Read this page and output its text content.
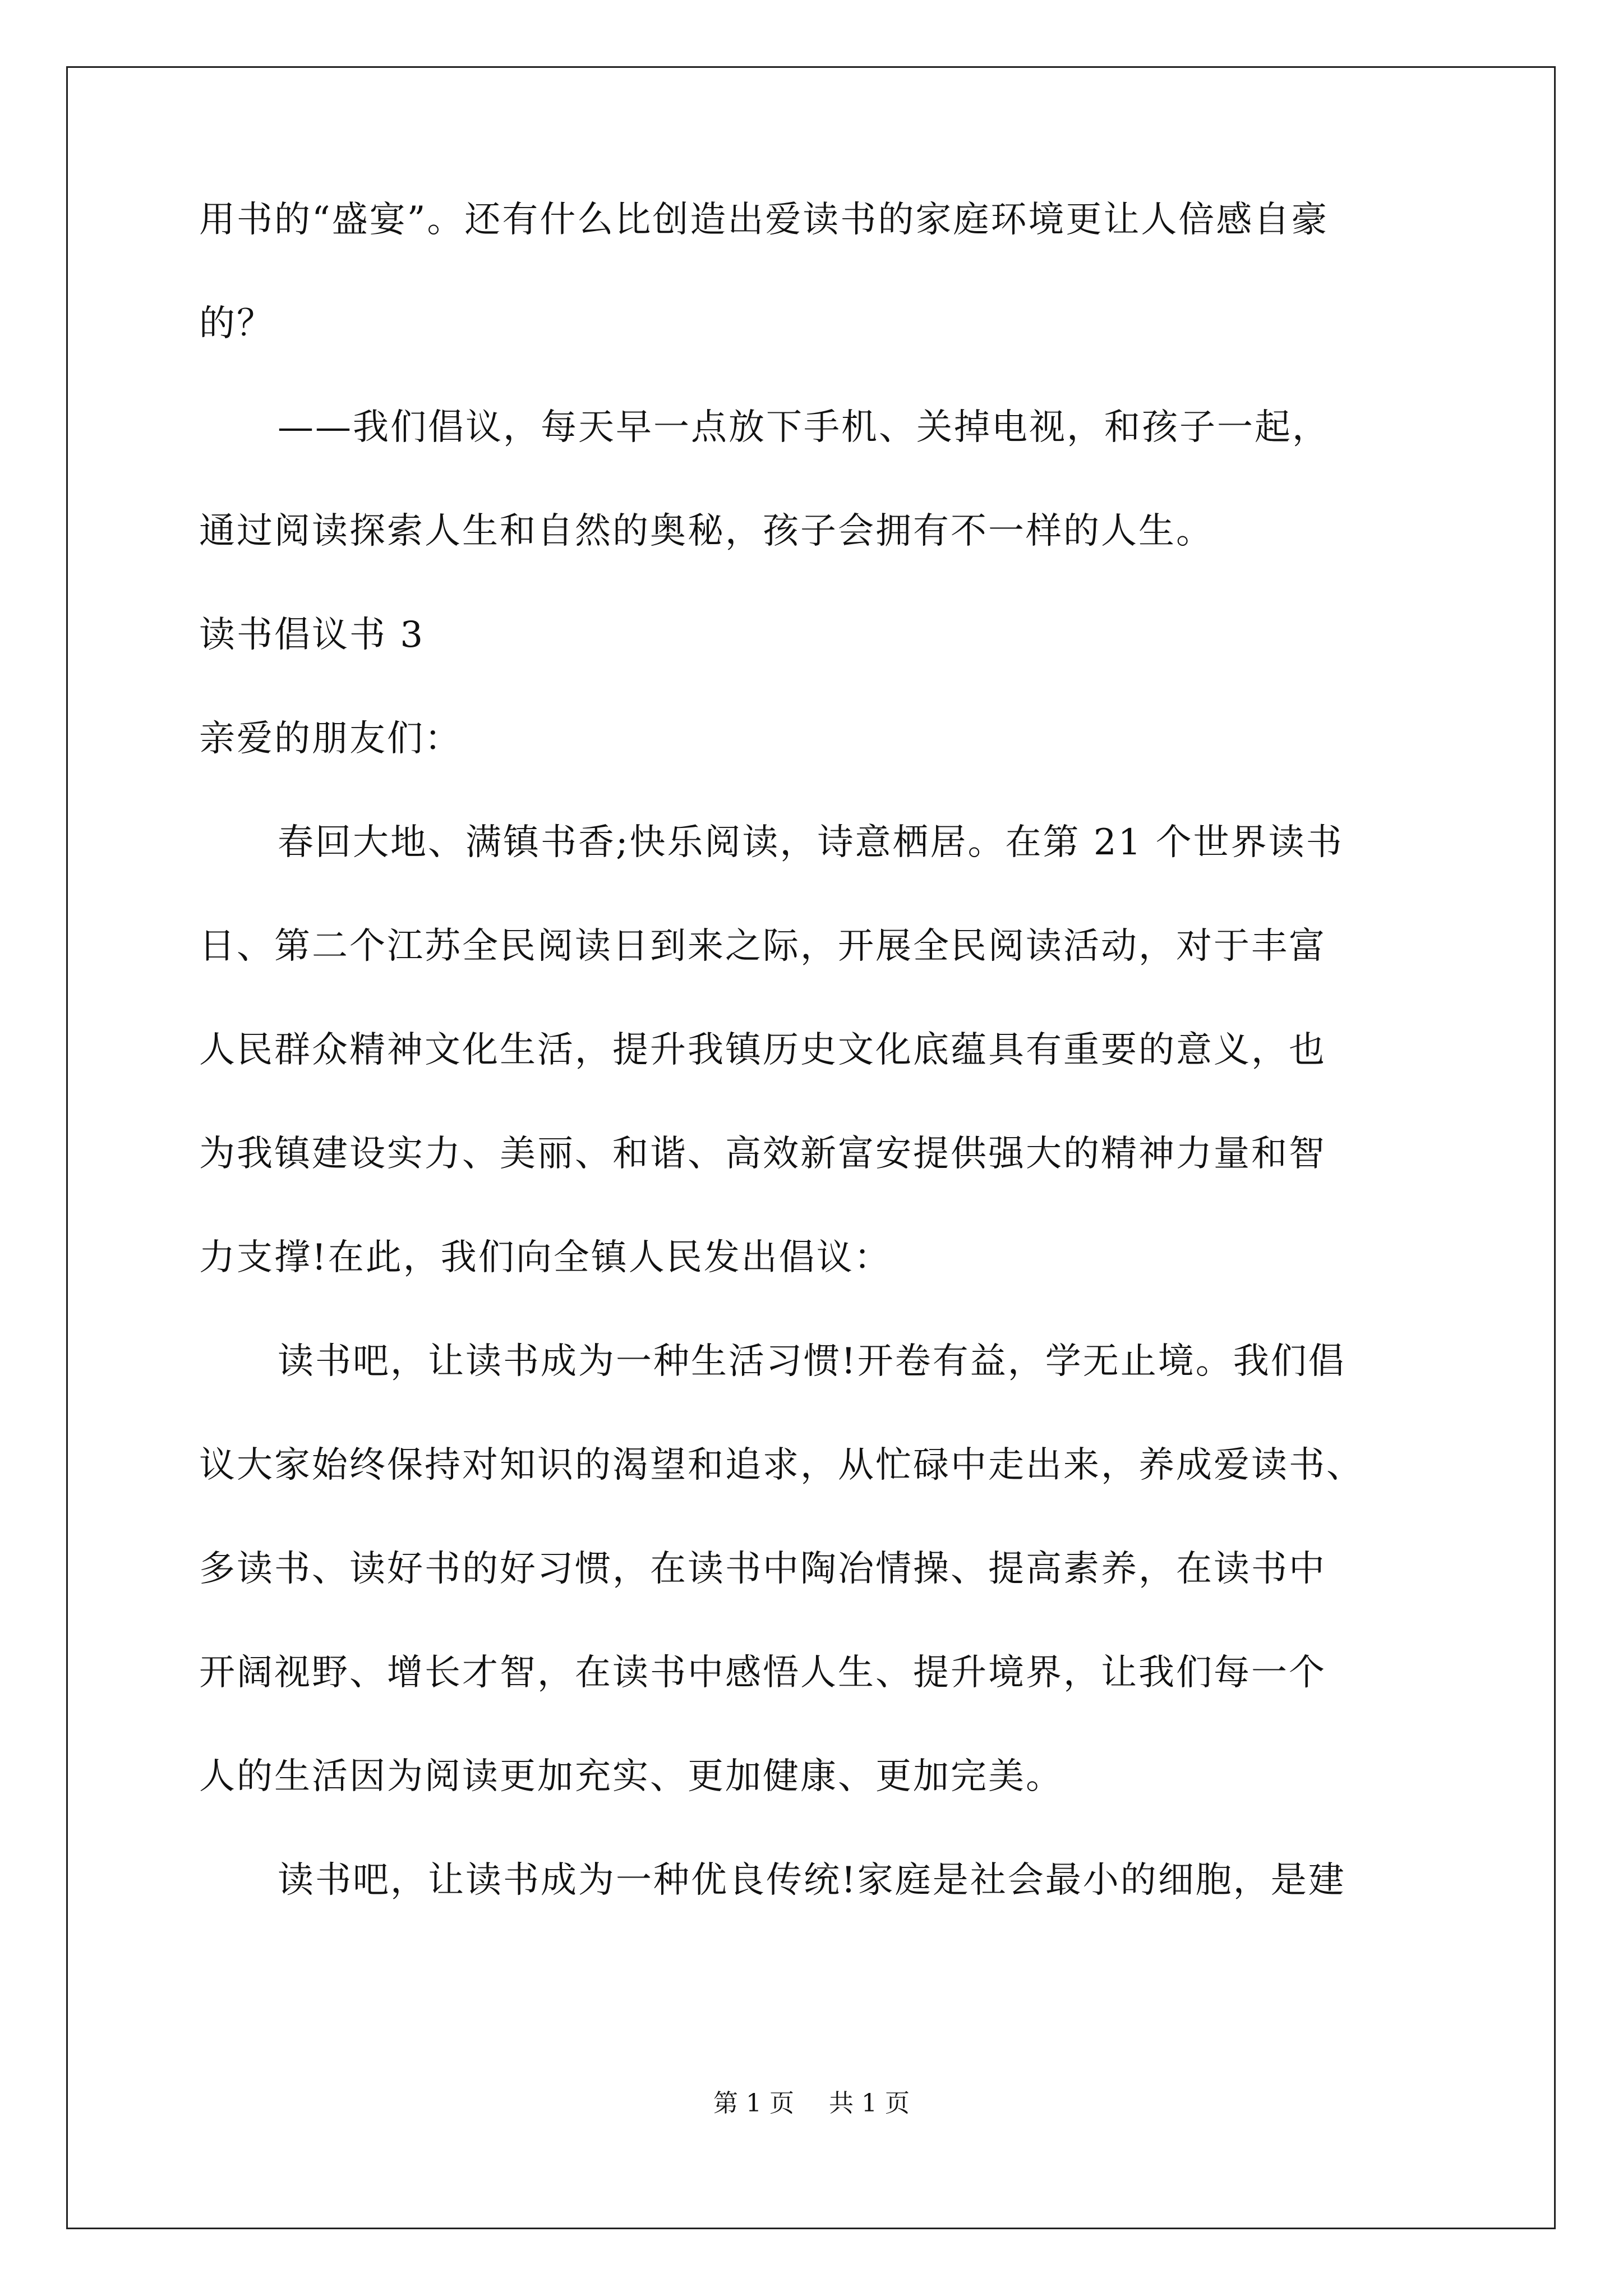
用书的“盛宴”。还有什么比创造出爱读书的家庭环境更让人倍感自豪
的？
——我们倡议，每天早一点放下手机、关掉电视，和孩子一起，
通过阅读探索人生和自然的奥秘，孩子会拥有不一样的人生。
读书倡议书 3
亲爱的朋友们：
春回大地、满镇书香;快乐阅读，诗意栖居。在第 21 个世界读书
日、第二个江苏全民阅读日到来之际，开展全民阅读活动，对于丰富
人民群众精神文化生活，提升我镇历史文化底蕴具有重要的意义，也
为我镇建设实力、美丽、和谐、高效新富安提供强大的精神力量和智
力支撑!在此，我们向全镇人民发出倡议：
读书吧，让读书成为一种生活习惯!开卷有益，学无止境。我们倡
议大家始终保持对知识的渴望和追求，从忙碌中走出来，养成爱读书、
多读书、读好书的好习惯，在读书中陶冶情操、提高素养，在读书中
开阔视野、增长才智，在读书中感悟人生、提升境界，让我们每一个
人的生活因为阅读更加充实、更加健康、更加完美。
读书吧，让读书成为一种优良传统!家庭是社会最小的细胞，是建
第 1 页 共 1 页
